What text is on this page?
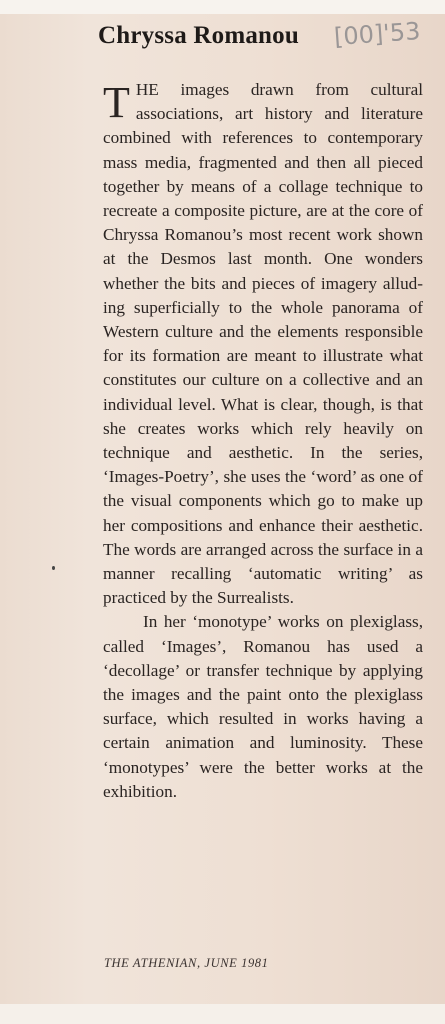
Chryssa Romanou [00]'53

THE images drawn from cultural associations, art history and literature combined with references to contemporary mass media, fragmented and then all pieced together by means of a collage technique to recreate a composite picture, are at the core of Chryssa Romanou’s most recent work shown at the Desmos last month. One wonders whether the bits and pieces of imagery alluding superficially to the whole panorama of Western culture and the elements responsible for its formation are meant to illustrate what constitutes our culture on a collective and an individual level. What is clear, though, is that she creates works which rely heavily on technique and aesthetic. In the series, ‘Images-Poetry’, she uses the ‘word’ as one of the visual components which go to make up her compositions and enhance their aesthetic. The words are arranged across the surface in a manner recalling ‘automatic writing’ as practiced by the Surrealists.

In her ‘monotype’ works on plexiglass, called ‘Images’, Romanou has used a ‘decollage’ or transfer technique by applying the images and the paint onto the plexiglass surface, which resulted in works having a certain animation and luminosity. These ‘monotypes’ were the better works at the exhibition.

THE ATHENIAN, JUNE 1981
